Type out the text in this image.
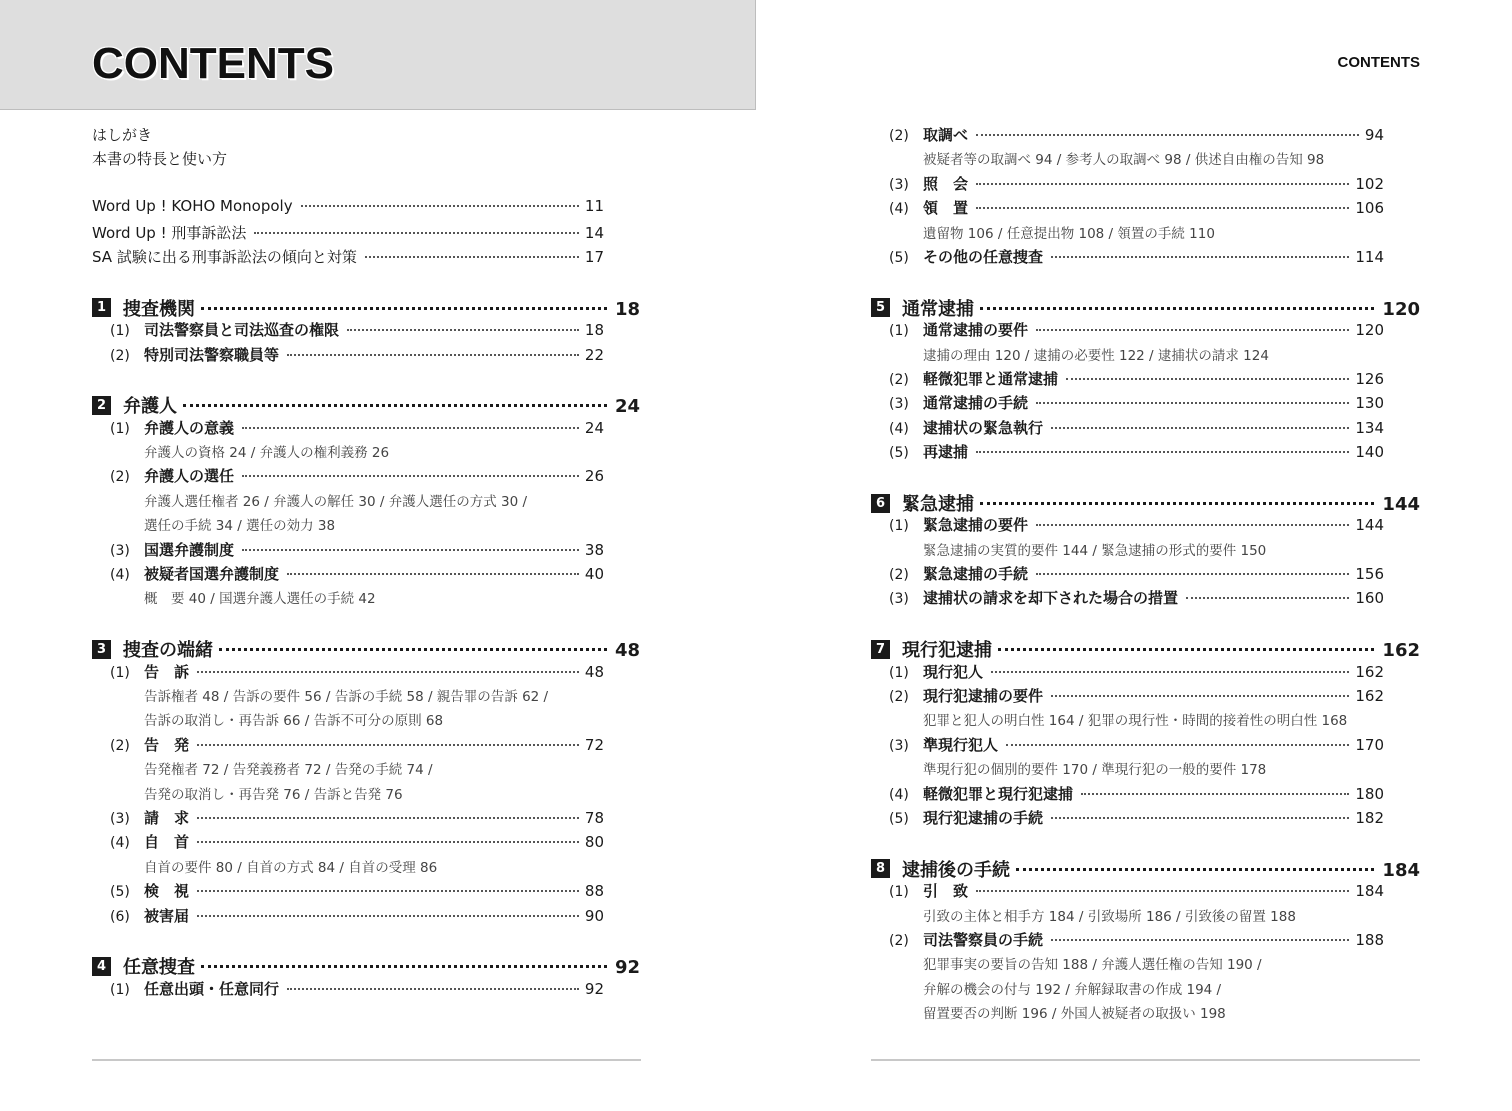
CONTENTS	CONTENTS
はしがき
本書の特長と使い方
Word Up ! KOHO Monopoly	11
Word Up ! 刑事訴訟法	14
SA 試験に出る刑事訴訟法の傾向と対策	17
1 捜査機関	18
(1) 司法警察員と司法巡査の権限	18
(2) 特別司法警察職員等	22
2 弁護人	24
(1) 弁護人の意義	24
弁護人の資格 24 / 弁護人の権利義務 26
(2) 弁護人の選任	26
弁護人選任権者 26 / 弁護人の解任 30 / 弁護人選任の方式 30 /
選任の手続 34 / 選任の効力 38
(3) 国選弁護制度	38
(4) 被疑者国選弁護制度	40
概　要 40 / 国選弁護人選任の手続 42
3 捜査の端緒	48
(1) 告　訴	48
告訴権者 48 / 告訴の要件 56 / 告訴の手続 58 / 親告罪の告訴 62 /
告訴の取消し・再告訴 66 / 告訴不可分の原則 68
(2) 告　発	72
告発権者 72 / 告発義務者 72 / 告発の手続 74 /
告発の取消し・再告発 76 / 告訴と告発 76
(3) 請　求	78
(4) 自　首	80
自首の要件 80 / 自首の方式 84 / 自首の受理 86
(5) 検　視	88
(6) 被害届	90
4 任意捜査	92
(1) 任意出頭・任意同行	92
(2) 取調べ	94
被疑者等の取調べ 94 / 参考人の取調べ 98 / 供述自由権の告知 98
(3) 照　会	102
(4) 領　置	106
遺留物 106 / 任意提出物 108 / 領置の手続 110
(5) その他の任意捜査	114
5 通常逮捕	120
(1) 通常逮捕の要件	120
逮捕の理由 120 / 逮捕の必要性 122 / 逮捕状の請求 124
(2) 軽微犯罪と通常逮捕	126
(3) 通常逮捕の手続	130
(4) 逮捕状の緊急執行	134
(5) 再逮捕	140
6 緊急逮捕	144
(1) 緊急逮捕の要件	144
緊急逮捕の実質的要件 144 / 緊急逮捕の形式的要件 150
(2) 緊急逮捕の手続	156
(3) 逮捕状の請求を却下された場合の措置	160
7 現行犯逮捕	162
(1) 現行犯人	162
(2) 現行犯逮捕の要件	162
犯罪と犯人の明白性 164 / 犯罪の現行性・時間的接着性の明白性 168
(3) 準現行犯人	170
準現行犯の個別的要件 170 / 準現行犯の一般的要件 178
(4) 軽微犯罪と現行犯逮捕	180
(5) 現行犯逮捕の手続	182
8 逮捕後の手続	184
(1) 引　致	184
引致の主体と相手方 184 / 引致場所 186 / 引致後の留置 188
(2) 司法警察員の手続	188
犯罪事実の要旨の告知 188 / 弁護人選任権の告知 190 /
弁解の機会の付与 192 / 弁解録取書の作成 194 /
留置要否の判断 196 / 外国人被疑者の取扱い 198
